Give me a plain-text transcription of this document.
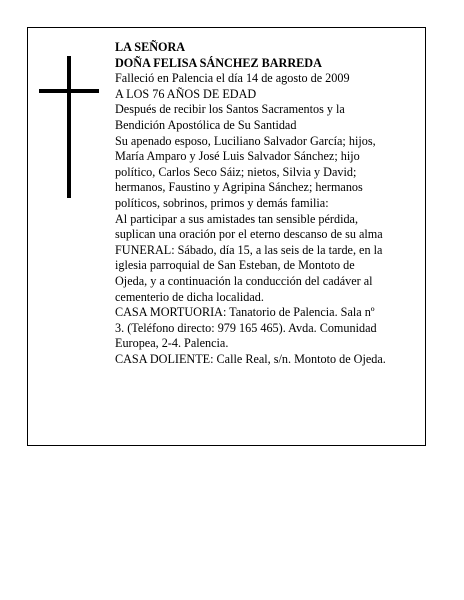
LA SEÑORA
DOÑA FELISA SÁNCHEZ BARREDA
Falleció en Palencia el día 14 de agosto de 2009
A LOS 76 AÑOS DE EDAD
Después de recibir los Santos Sacramentos y la
Bendición Apostólica de Su Santidad
Su apenado esposo, Luciliano Salvador García; hijos,
María Amparo y José Luis Salvador Sánchez; hijo
político, Carlos Seco Sáiz; nietos, Silvia y David;
hermanos, Faustino y Agripina Sánchez; hermanos
políticos, sobrinos, primos y demás familia:
Al participar a sus amistades tan sensible pérdida,
suplican una oración por el eterno descanso de su alma
FUNERAL: Sábado, día 15, a las seis de la tarde, en la
iglesia parroquial de San Esteban, de Montoto de
Ojeda, y a continuación la conducción del cadáver al
cementerio de dicha localidad.
CASA MORTUORIA: Tanatorio de Palencia. Sala nº
3. (Teléfono directo: 979 165 465). Avda. Comunidad
Europea, 2-4. Palencia.
CASA DOLIENTE: Calle Real, s/n. Montoto de Ojeda.
